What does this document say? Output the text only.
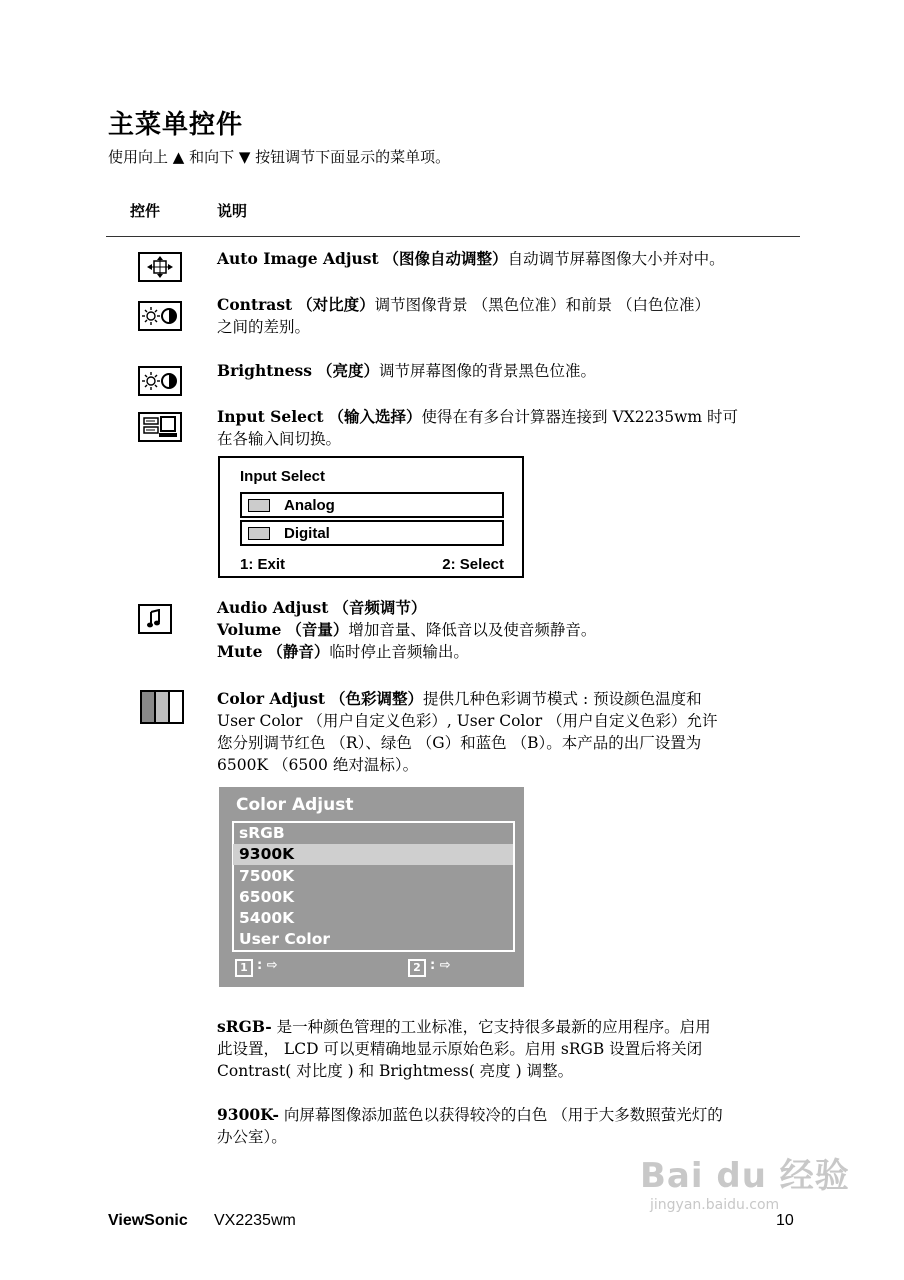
主菜单控件
使用向上 ▲ 和向下 ▼ 按钮调节下面显示的菜单项。
控件	说明
Auto Image Adjust （图像自动调整）自动调节屏幕图像大小并对中。
Contrast （对比度）调节图像背景 （黑色位准）和前景 （白色位准）
之间的差别。
Brightness （亮度）调节屏幕图像的背景黑色位准。
Input Select （输入选择）使得在有多台计算器连接到 VX2235wm 时可
在各输入间切换。
Input Select
Analog
Digital
1: Exit	2: Select
Audio Adjust （音频调节）
Volume （音量）增加音量、降低音以及使音频静音。
Mute （静音）临时停止音频输出。
Color Adjust （色彩调整）提供几种色彩调节模式 : 预设颜色温度和
User Color （用户自定义色彩）, User Color （用户自定义色彩）允许
您分别调节红色 （R）、绿色 （G）和蓝色 （B）。本产品的出厂设置为
6500K （6500 绝对温标）。
Color Adjust
sRGB
9300K
7500K
6500K
5400K
User Color
1 : ⇨	2 : ⇨
sRGB- 是一种颜色管理的工业标准，它支持很多最新的应用程序。启用
此设置， LCD 可以更精确地显示原始色彩。启用 sRGB 设置后将关闭
Contrast( 对比度 ) 和 Brightmess( 亮度 ) 调整。
9300K- 向屏幕图像添加蓝色以获得较冷的白色 （用于大多数照萤光灯的
办公室）。
Bai du 经验
jingyan.baidu.com
ViewSonic VX2235wm	10
